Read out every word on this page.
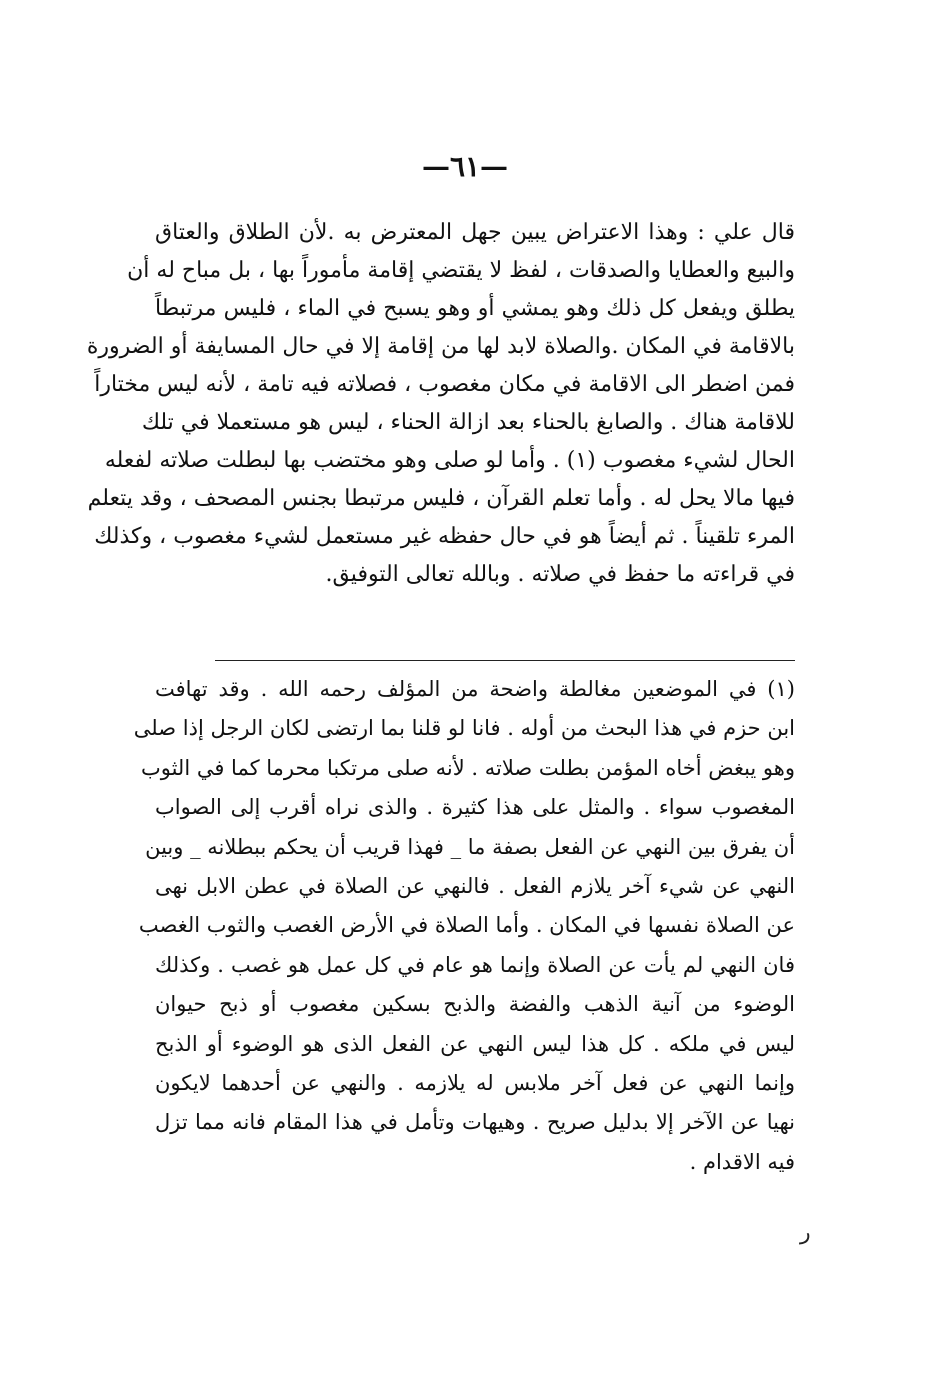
—٦١—
قال علي : وهذا الاعتراض يبين جهل المعترض به .لأن الطلاق والعتاق
والبيع والعطايا والصدقات ، لفظ لا يقتضي إقامة مأموراً بها ، بل مباح له أن
يطلق ويفعل كل ذلك وهو يمشي أو وهو يسبح في الماء ، فليس مرتبطاً
بالاقامة في المكان .والصلاة لابد لها من إقامة إلا في حال المسايفة أو الضرورة
فمن اضطر الى الاقامة في مكان مغصوب ، فصلاته فيه تامة ، لأنه ليس مختاراً
للاقامة هناك . والصابغ بالحناء بعد ازالة الحناء ، ليس هو مستعملا في تلك
الحال لشيء مغصوب (١) . وأما لو صلى وهو مختضب بها لبطلت صلاته لفعله
فيها مالا يحل له . وأما تعلم القرآن ، فليس مرتبطا بجنس المصحف ، وقد يتعلم
المرء تلقيناً . ثم أيضاً هو في حال حفظه غير مستعمل لشيء مغصوب ، وكذلك
في قراءته ما حفظ في صلاته . وبالله تعالى التوفيق.
(١) في الموضعين مغالطة واضحة من المؤلف رحمه الله . وقد تهافت
ابن حزم في هذا البحث من أوله . فانا لو قلنا بما ارتضى لكان الرجل إذا صلى
وهو يبغض أخاه المؤمن بطلت صلاته . لأنه صلى مرتكبا محرما كما في الثوب
المغصوب سواء . والمثل على هذا كثيرة . والذى نراه أقرب إلى الصواب
أن يفرق بين النهي عن الفعل بصفة ما _ فهذا قريب أن يحكم ببطلانه _ وبين
النهي عن شيء آخر يلازم الفعل . فالنهي عن الصلاة في عطن الابل نهى
عن الصلاة نفسها في المكان . وأما الصلاة في الأرض الغصب والثوب الغصب
فان النهي لم يأت عن الصلاة وإنما هو عام في كل عمل هو غصب . وكذلك
الوضوء من آنية الذهب والفضة والذبح بسكين مغصوب أو ذبح حيوان
ليس في ملكه . كل هذا ليس النهي عن الفعل الذى هو الوضوء أو الذبح
وإنما النهي عن فعل آخر ملابس له يلازمه . والنهي عن أحدهما لايكون
نهيا عن الآخر إلا بدليل صريح . وهيهات وتأمل في هذا المقام فانه مما تزل
فيه الاقدام .
ر
